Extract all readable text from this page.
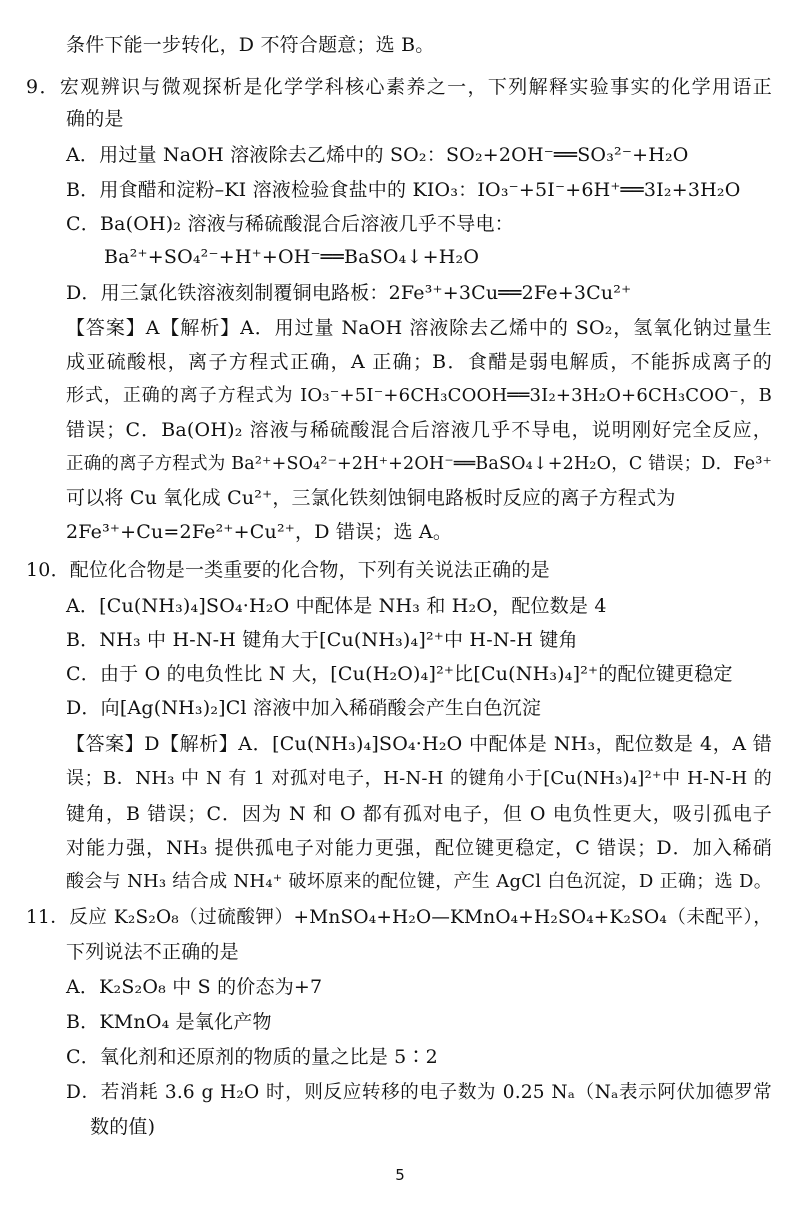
条件下能一步转化，D 不符合题意；选 B。
9．宏观辨识与微观探析是化学学科核心素养之一，下列解释实验事实的化学用语正
确的是
A．用过量 NaOH 溶液除去乙烯中的 SO₂：SO₂+2OH⁻══SO₃²⁻+H₂O
B．用食醋和淀粉–KI 溶液检验食盐中的 KIO₃：IO₃⁻+5I⁻+6H⁺══3I₂+3H₂O
C．Ba(OH)₂ 溶液与稀硫酸混合后溶液几乎不导电：
Ba²⁺+SO₄²⁻+H⁺+OH⁻══BaSO₄↓+H₂O
D．用三氯化铁溶液刻制覆铜电路板：2Fe³⁺+3Cu══2Fe+3Cu²⁺
【答案】A【解析】A．用过量 NaOH 溶液除去乙烯中的 SO₂，氢氧化钠过量生
成亚硫酸根，离子方程式正确，A 正确；B．食醋是弱电解质，不能拆成离子的
形式，正确的离子方程式为 IO₃⁻+5I⁻+6CH₃COOH══3I₂+3H₂O+6CH₃COO⁻，B
错误；C．Ba(OH)₂ 溶液与稀硫酸混合后溶液几乎不导电，说明刚好完全反应，
正确的离子方程式为 Ba²⁺+SO₄²⁻+2H⁺+2OH⁻══BaSO₄↓+2H₂O，C 错误；D．Fe³⁺
可以将 Cu 氧化成 Cu²⁺，三氯化铁刻蚀铜电路板时反应的离子方程式为
2Fe³⁺+Cu=2Fe²⁺+Cu²⁺，D 错误；选 A。
10．配位化合物是一类重要的化合物，下列有关说法正确的是
A．[Cu(NH₃)₄]SO₄·H₂O 中配体是 NH₃ 和 H₂O，配位数是 4
B．NH₃ 中 H-N-H 键角大于[Cu(NH₃)₄]²⁺中 H-N-H 键角
C．由于 O 的电负性比 N 大，[Cu(H₂O)₄]²⁺比[Cu(NH₃)₄]²⁺的配位键更稳定
D．向[Ag(NH₃)₂]Cl 溶液中加入稀硝酸会产生白色沉淀
【答案】D【解析】A．[Cu(NH₃)₄]SO₄·H₂O 中配体是 NH₃，配位数是 4，A 错
误；B．NH₃ 中 N 有 1 对孤对电子，H-N-H 的键角小于[Cu(NH₃)₄]²⁺中 H-N-H 的
键角，B 错误；C．因为 N 和 O 都有孤对电子，但 O 电负性更大，吸引孤电子
对能力强，NH₃ 提供孤电子对能力更强，配位键更稳定，C 错误；D．加入稀硝
酸会与 NH₃ 结合成 NH₄⁺ 破坏原来的配位键，产生 AgCl 白色沉淀，D 正确；选 D。
11．反应 K₂S₂O₈（过硫酸钾）+MnSO₄+H₂O—KMnO₄+H₂SO₄+K₂SO₄（未配平），
下列说法不正确的是
A．K₂S₂O₈ 中 S 的价态为+7
B．KMnO₄ 是氧化产物
C．氧化剂和还原剂的物质的量之比是 5∶2
D．若消耗 3.6 g H₂O 时，则反应转移的电子数为 0.25 Nₐ（Nₐ表示阿伏加德罗常
数的值)
5
